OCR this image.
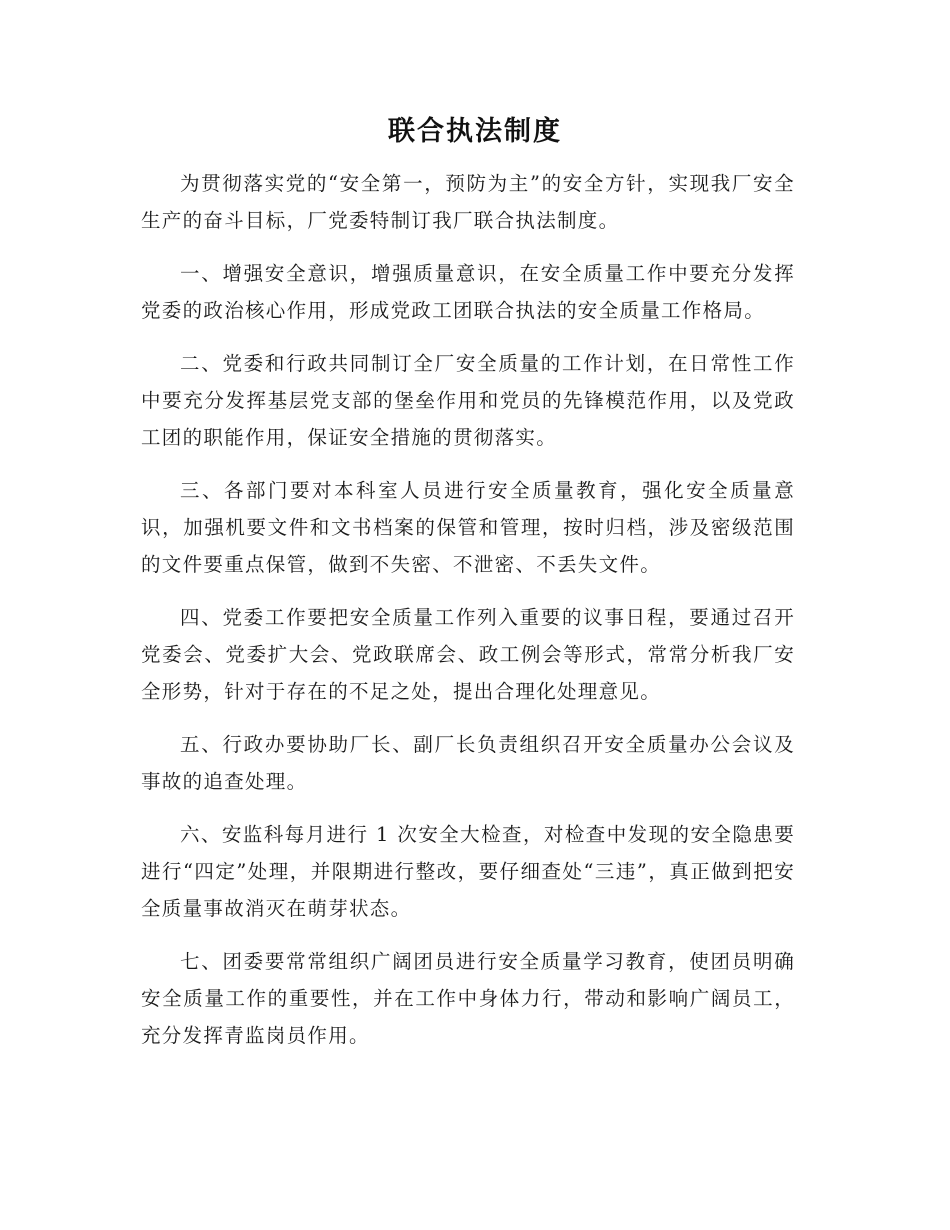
联合执法制度

为贯彻落实党的“安全第一，预防为主”的安全方针，实现我厂安全生产的奋斗目标，厂党委特制订我厂联合执法制度。

一、增强安全意识，增强质量意识，在安全质量工作中要充分发挥党委的政治核心作用，形成党政工团联合执法的安全质量工作格局。

二、党委和行政共同制订全厂安全质量的工作计划，在日常性工作中要充分发挥基层党支部的堡垒作用和党员的先锋模范作用，以及党政工团的职能作用，保证安全措施的贯彻落实。

三、各部门要对本科室人员进行安全质量教育，强化安全质量意识，加强机要文件和文书档案的保管和管理，按时归档，涉及密级范围的文件要重点保管，做到不失密、不泄密、不丢失文件。

四、党委工作要把安全质量工作列入重要的议事日程，要通过召开党委会、党委扩大会、党政联席会、政工例会等形式，常常分析我厂安全形势，针对于存在的不足之处，提出合理化处理意见。

五、行政办要协助厂长、副厂长负责组织召开安全质量办公会议及事故的追查处理。

六、安监科每月进行 1 次安全大检查，对检查中发现的安全隐患要进行“四定”处理，并限期进行整改，要仔细查处“三违”，真正做到把安全质量事故消灭在萌芽状态。

七、团委要常常组织广阔团员进行安全质量学习教育，使团员明确安全质量工作的重要性，并在工作中身体力行，带动和影响广阔员工，充分发挥青监岗员作用。
